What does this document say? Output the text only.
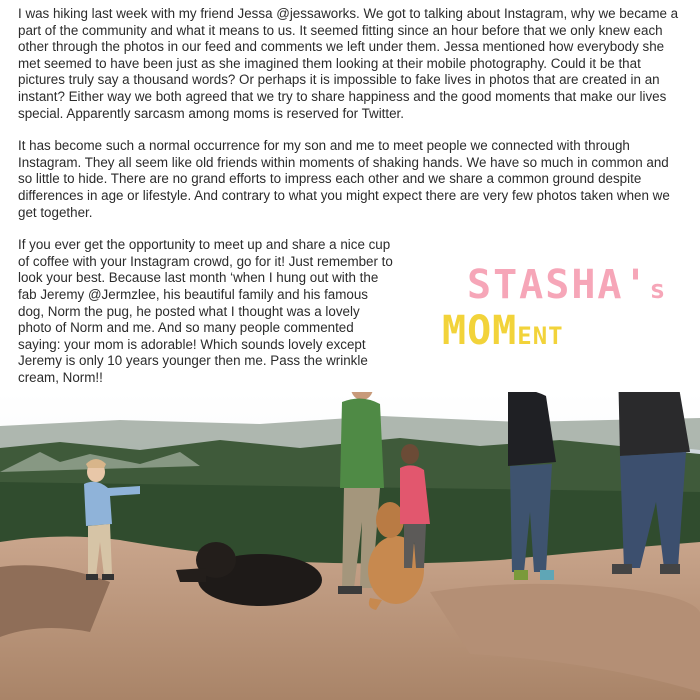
I was hiking last week with my friend Jessa @jessaworks. We got to talking about Instagram, why we became a part of the community and what it means to us. It seemed fitting since an hour before that we only knew each other through the photos in our feed and comments we left under them. Jessa mentioned how everybody she met seemed to have been just as she imagined them looking at their mobile photography. Could it be that pictures truly say a thousand words? Or perhaps it is impossible to fake lives in photos that are created in an instant? Either way we both agreed that we try to share happiness and the good moments that make our lives special. Apparently sarcasm among moms is reserved for Twitter.

It has become such a normal occurrence for my son and me to meet people we connected with through Instagram. They all seem like old friends within moments of shaking hands. We have so much in common and so little to hide. There are no grand efforts to impress each other and we share a common ground despite differences in age or lifestyle. And contrary to what you might expect there are very few photos taken when we get together.

If you ever get the opportunity to meet up and share a nice cup of coffee with your Instagram crowd, go for it! Just remember to look your best. Because last month ‘when I hung out with the fab Jeremy @Jermzlee, his beautiful family and his famous dog, Norm the pug, he posted what I thought was a lovely photo of Norm and me. And so many people commented saying: your mom is adorable! Which sounds lovely except Jeremy is only 10 years younger then me. Pass the wrinkle cream, Norm!!

STASHA's
MOMENT
